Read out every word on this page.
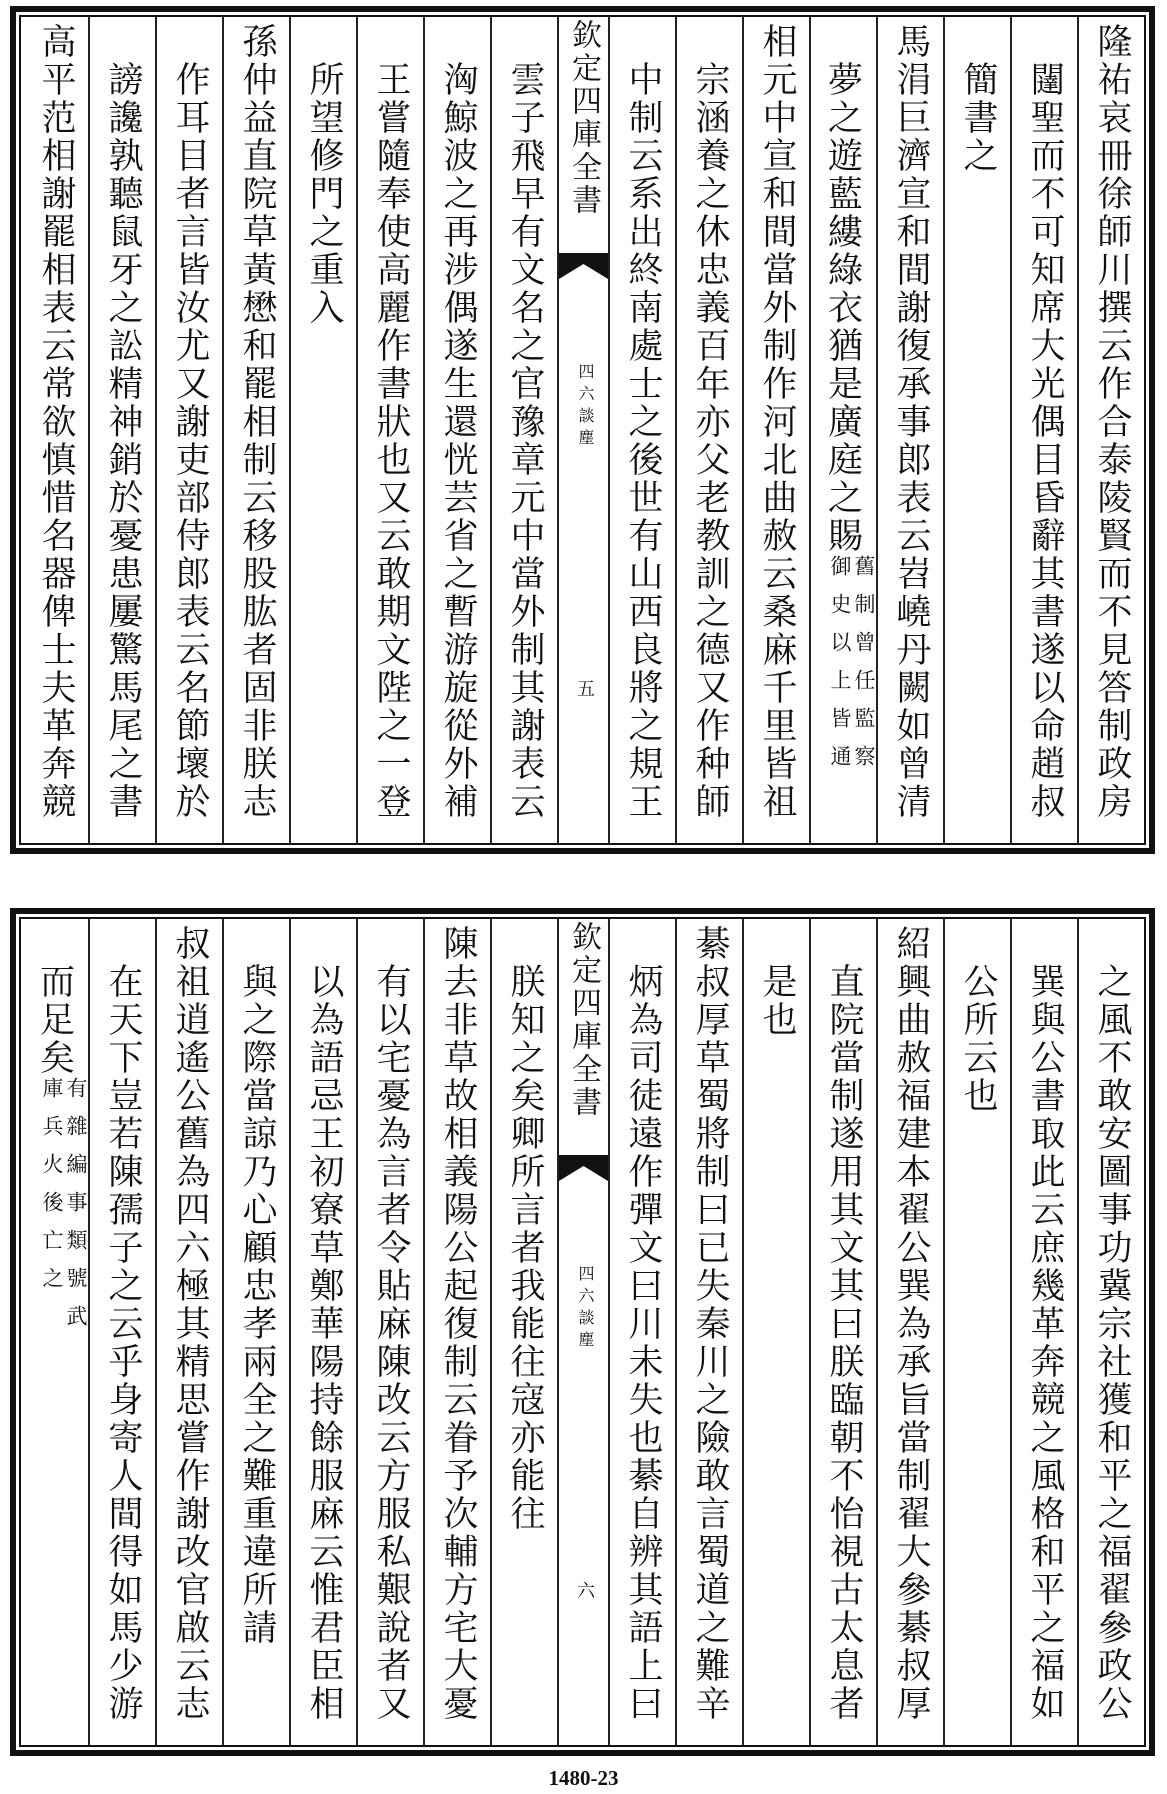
隆祐哀冊徐師川撰云作合泰陵賢而不見答制政房
闥聖而不可知席大光偶目昏辭其書遂以命趙叔
簡書之
馬涓巨濟宣和間謝復承事郎表云岧嶢丹闕如曾清
夢之遊藍縷綠衣猶是廣庭之賜
舊制曾任監察
御史以上皆通
相元中宣和間當外制作河北曲赦云桑麻千里皆祖
宗涵養之休忠義百年亦父老教訓之德又作种師
中制云系出終南處士之後世有山西良將之規王
欽定四庫全書
四六談塵
五
雲子飛早有文名之官豫章元中當外制其謝表云
洶鯨波之再涉偶遂生還恍芸省之暫游旋從外補
王嘗隨奉使高麗作書狀也又云敢期文陛之一登
所望修門之重入
孫仲益直院草黃懋和罷相制云移股肱者固非朕志
作耳目者言皆汝尤又謝吏部侍郎表云名節壞於
謗讒孰聽鼠牙之訟精神銷於憂患屢驚馬尾之書
高平范相謝罷相表云常欲慎惜名器俾士夫革奔競
之風不敢安圖事功冀宗社獲和平之福翟參政公
巽與公書取此云庶幾革奔競之風格和平之福如
公所云也
紹興曲赦福建本翟公巽為承旨當制翟大參綦叔厚
直院當制遂用其文其曰朕臨朝不怡視古太息者
是也
綦叔厚草蜀將制曰已失秦川之險敢言蜀道之難辛
炳為司徒遠作彈文曰川未失也綦自辨其語上曰
欽定四庫全書
四六談塵
六
朕知之矣卿所言者我能往寇亦能往
陳去非草故相義陽公起復制云眷予次輔方宅大憂
有以宅憂為言者令貼麻陳改云方服私艱說者又
以為語忌王初寮草鄭華陽持餘服麻云惟君臣相
與之際當諒乃心顧忠孝兩全之難重違所請
叔祖逍遙公舊為四六極其精思嘗作謝改官啟云志
在天下豈若陳孺子之云乎身寄人間得如馬少游
而足矣
有雜編事類號武
庫兵火後亡之
1480-23
